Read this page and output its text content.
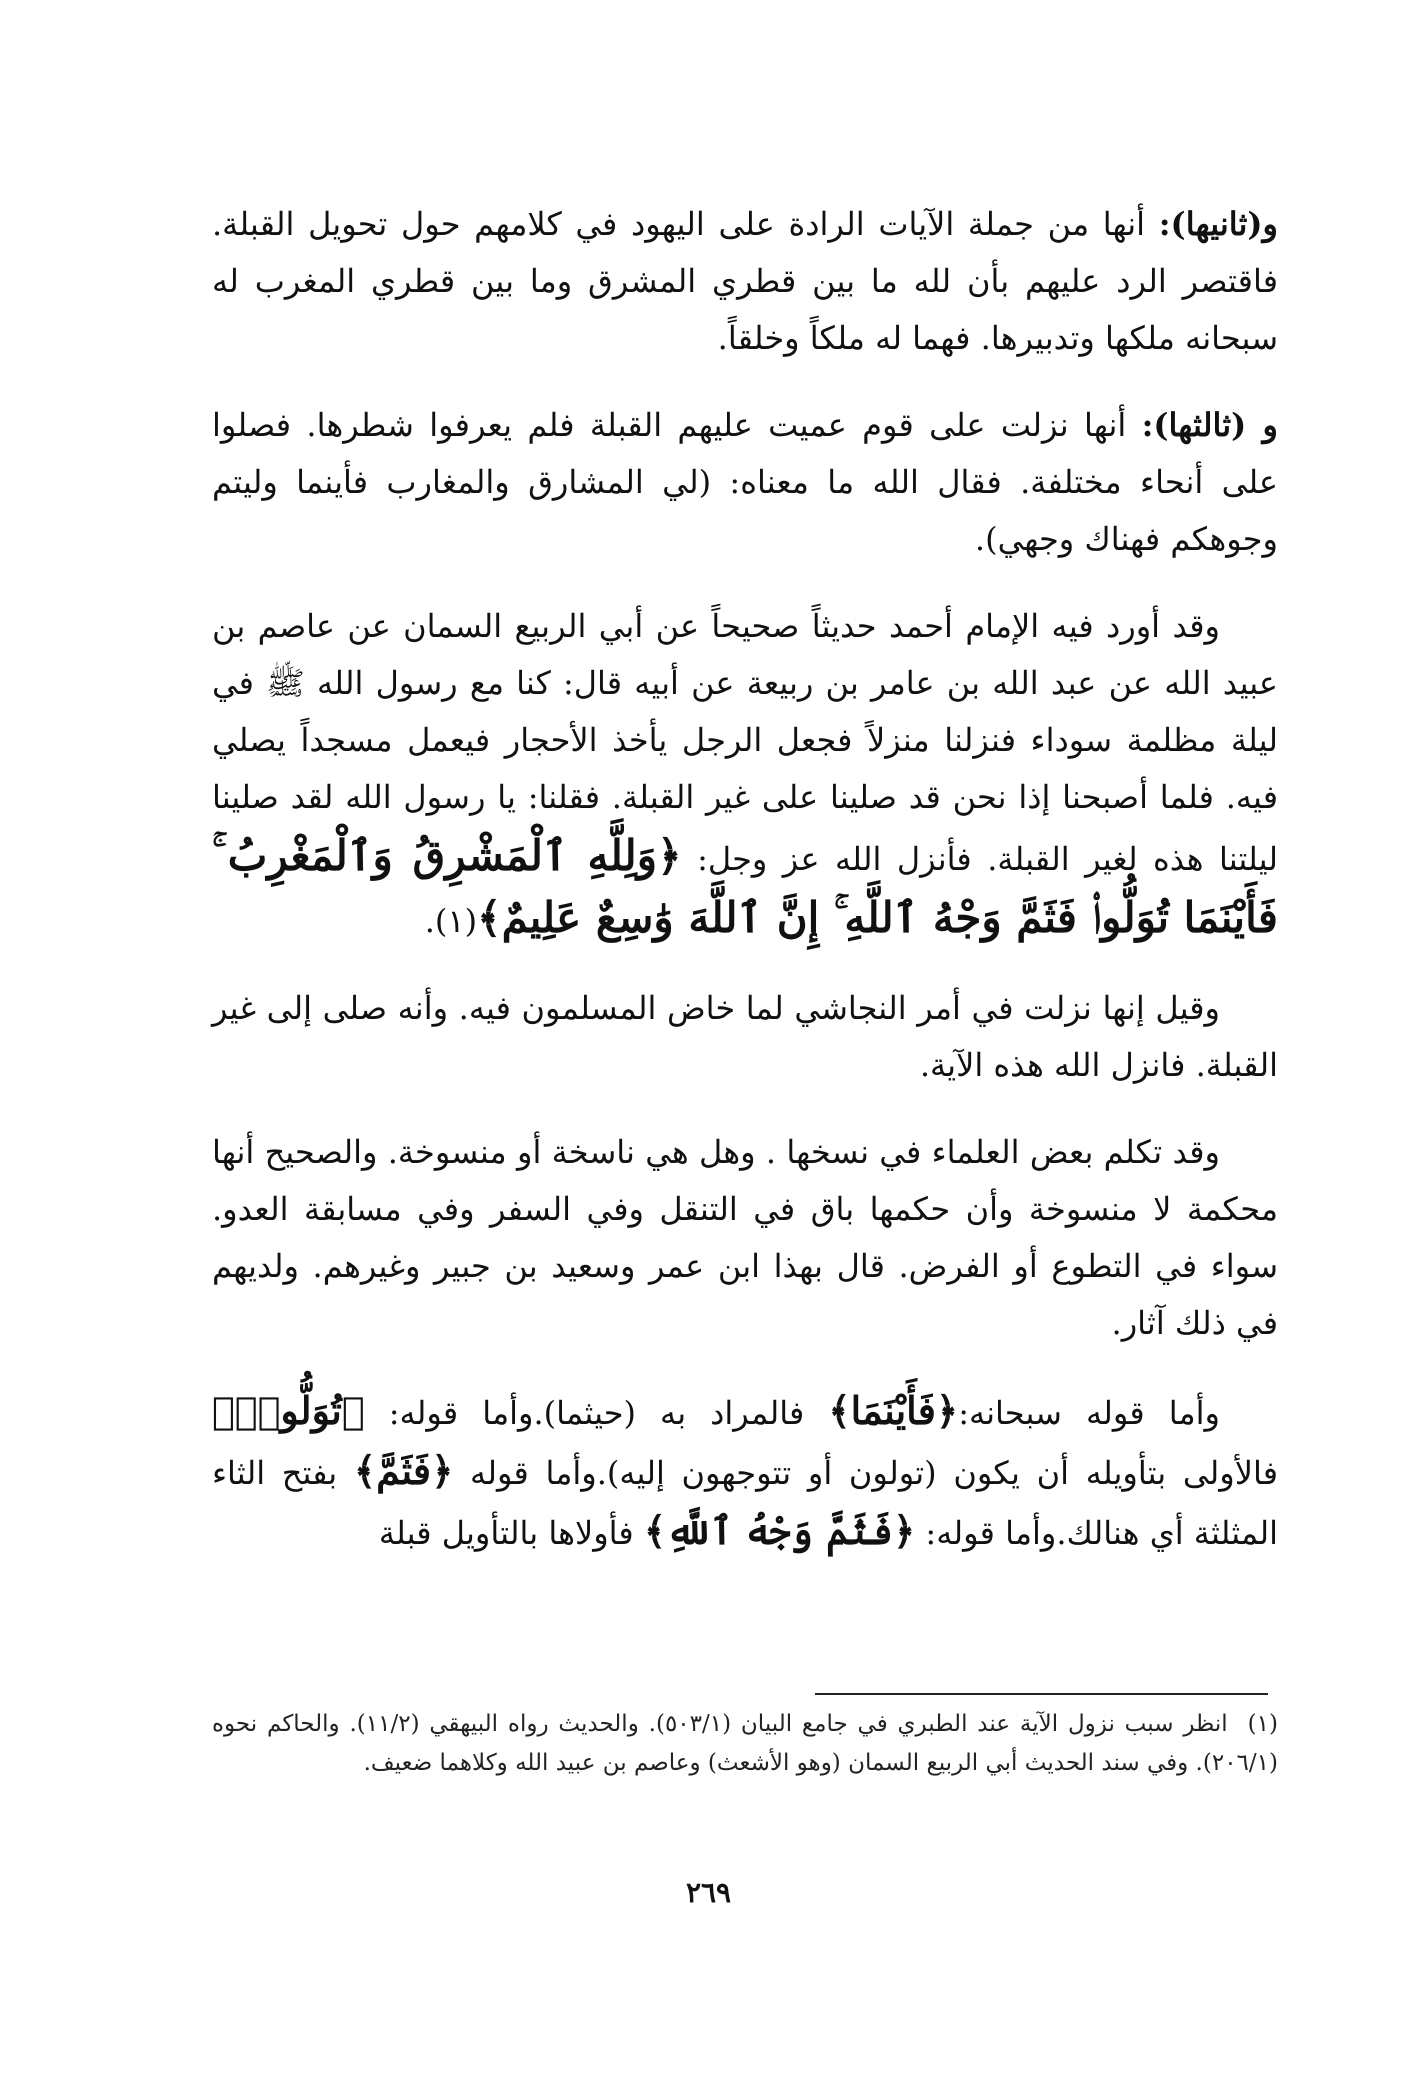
و(ثانيها): أنها من جملة الآيات الرادة على اليهود في كلامهم حول تحويل القبلة. فاقتصر الرد عليهم بأن لله ما بين قطري المشرق وما بين قطري المغرب له سبحانه ملكها وتدبيرها. فهما له ملكاً وخلقاً.

و (ثالثها): أنها نزلت على قوم عميت عليهم القبلة فلم يعرفوا شطرها. فصلوا على أنحاء مختلفة. فقال الله ما معناه: (لي المشارق والمغارب فأينما وليتم وجوهكم فهناك وجهي).

وقد أورد فيه الإمام أحمد حديثاً صحيحاً عن أبي الربيع السمان عن عاصم بن عبيد الله عن عبد الله بن عامر بن ربيعة عن أبيه قال: كنا مع رسول الله ﷺ في ليلة مظلمة سوداء فنزلنا منزلاً فجعل الرجل يأخذ الأحجار فيعمل مسجداً يصلي فيه. فلما أصبحنا إذا نحن قد صلينا على غير القبلة. فقلنا: يا رسول الله لقد صلينا ليلتنا هذه لغير القبلة. فأنزل الله عز وجل: ﴿وَلِلَّهِ ٱلْمَشْرِقُ وَٱلْمَغْرِبُ ۚ فَأَيْنَمَا تُوَلُّوا۟ فَثَمَّ وَجْهُ ٱللَّهِ ۚ إِنَّ ٱللَّهَ وَٰسِعٌ عَلِيمٌ﴾(١).

وقيل إنها نزلت في أمر النجاشي لما خاض المسلمون فيه. وأنه صلى إلى غير القبلة. فانزل الله هذه الآية.

وقد تكلم بعض العلماء في نسخها . وهل هي ناسخة أو منسوخة. والصحيح أنها محكمة لا منسوخة وأن حكمها باق في التنقل وفي السفر وفي مسابقة العدو. سواء في التطوع أو الفرض. قال بهذا ابن عمر وسعيد بن جبير وغيرهم. ولديهم في ذلك آثار.

وأما قوله سبحانه:﴿فَأَيْنَمَا﴾ فالمراد به (حيثما).وأما قوله: ﴿تُوَلُّوا۟﴾ فالأولى بتأويله أن يكون (تولون أو تتوجهون إليه).وأما قوله ﴿فَثَمَّ﴾ بفتح الثاء المثلثة أي هنالك.وأما قوله: ﴿فَثَمَّ وَجْهُ ٱللَّهِ﴾ فأولاها بالتأويل قبلة

(١)انظر سبب نزول الآية عند الطبري في جامع البيان (٥٠٣/١). والحديث رواه البيهقي (١١/٢). والحاكم نحوه (٢٠٦/١). وفي سند الحديث أبي الربيع السمان (وهو الأشعث) وعاصم بن عبيد الله وكلاهما ضعيف.
٢٦٩
